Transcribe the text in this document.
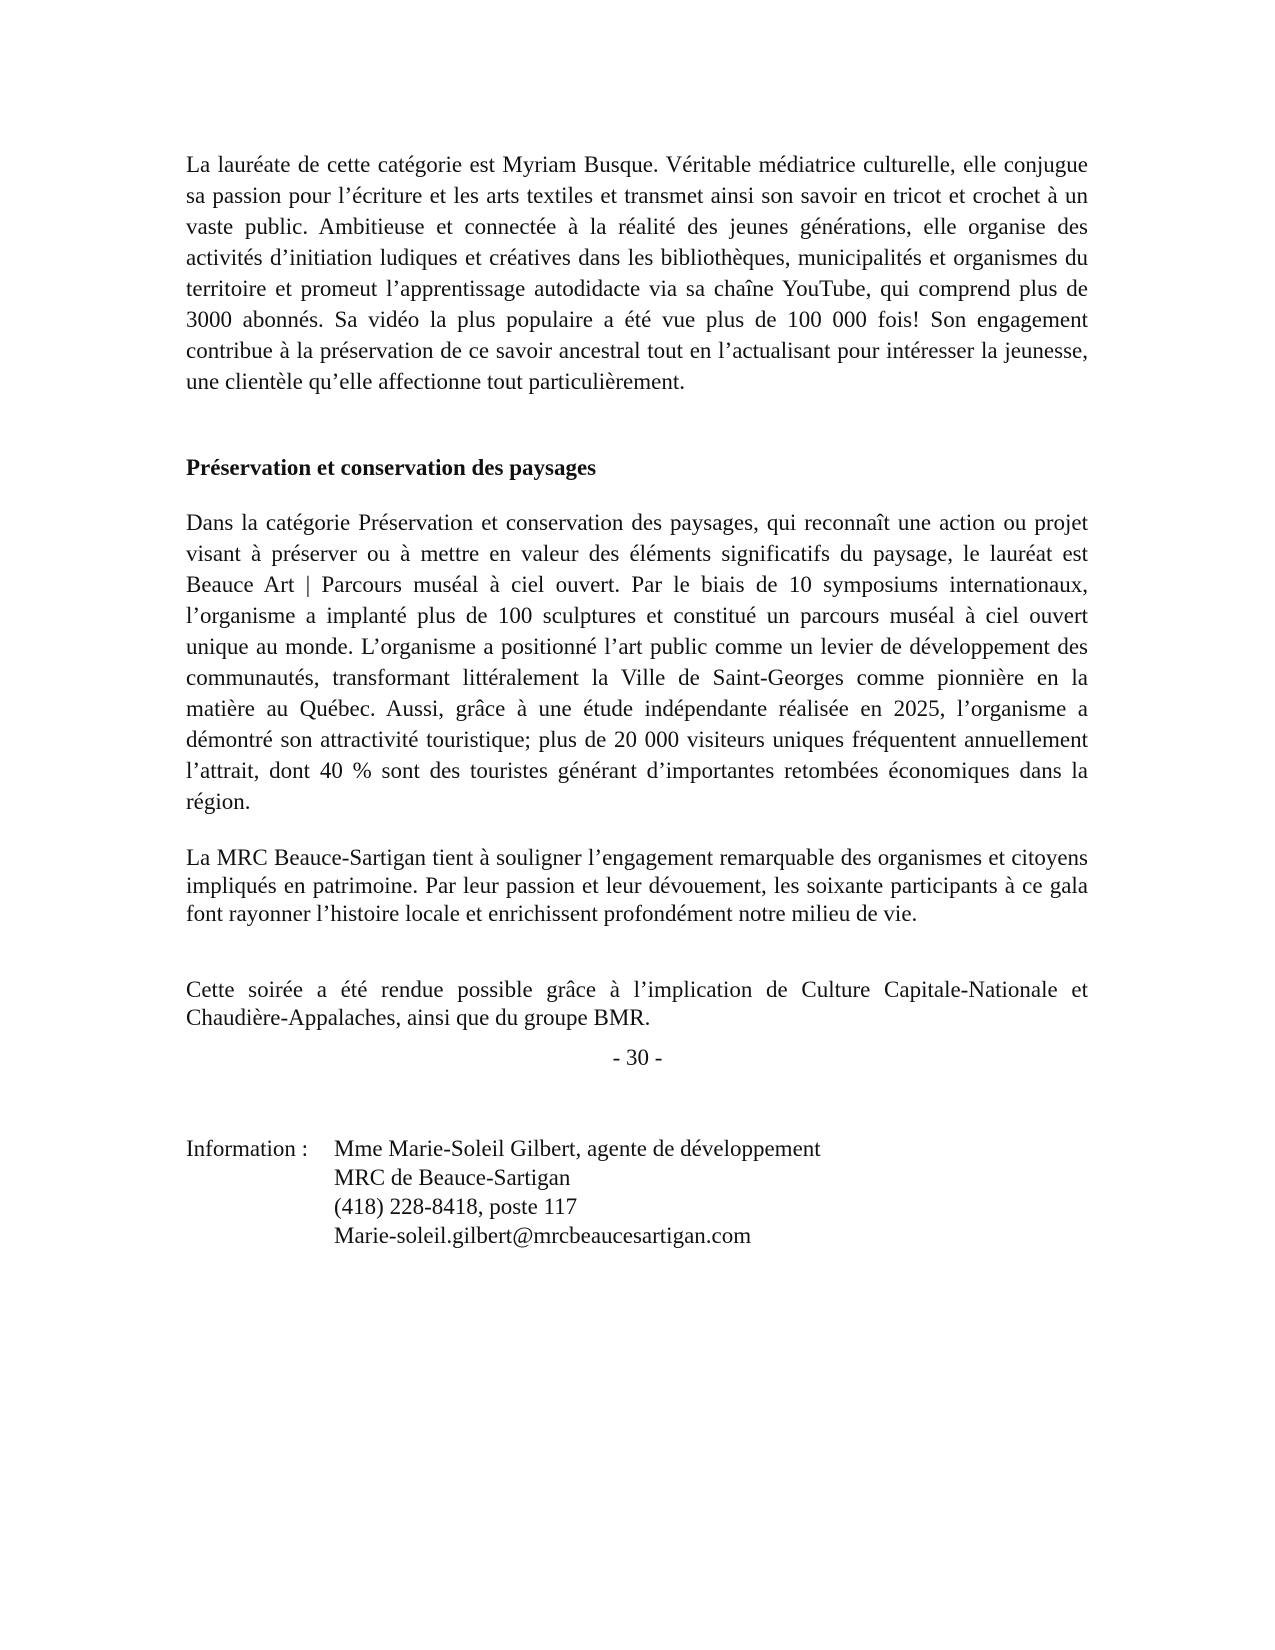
La lauréate de cette catégorie est Myriam Busque. Véritable médiatrice culturelle, elle conjugue sa passion pour l’écriture et les arts textiles et transmet ainsi son savoir en tricot et crochet à un vaste public. Ambitieuse et connectée à la réalité des jeunes générations, elle organise des activités d’initiation ludiques et créatives dans les bibliothèques, municipalités et organismes du territoire et promeut l’apprentissage autodidacte via sa chaîne YouTube, qui comprend plus de 3000 abonnés. Sa vidéo la plus populaire a été vue plus de 100 000 fois! Son engagement contribue à la préservation de ce savoir ancestral tout en l’actualisant pour intéresser la jeunesse, une clientèle qu’elle affectionne tout particulièrement.

Préservation et conservation des paysages

Dans la catégorie Préservation et conservation des paysages, qui reconnaît une action ou projet visant à préserver ou à mettre en valeur des éléments significatifs du paysage, le lauréat est Beauce Art | Parcours muséal à ciel ouvert. Par le biais de 10 symposiums internationaux, l’organisme a implanté plus de 100 sculptures et constitué un parcours muséal à ciel ouvert unique au monde. L’organisme a positionné l’art public comme un levier de développement des communautés, transformant littéralement la Ville de Saint-Georges comme pionnière en la matière au Québec. Aussi, grâce à une étude indépendante réalisée en 2025, l’organisme a démontré son attractivité touristique; plus de 20 000 visiteurs uniques fréquentent annuellement l’attrait, dont 40 % sont des touristes générant d’importantes retombées économiques dans la région.

La MRC Beauce-Sartigan tient à souligner l’engagement remarquable des organismes et citoyens impliqués en patrimoine. Par leur passion et leur dévouement, les soixante participants à ce gala font rayonner l’histoire locale et enrichissent profondément notre milieu de vie.

Cette soirée a été rendue possible grâce à l’implication de Culture Capitale-Nationale et Chaudière-Appalaches, ainsi que du groupe BMR.

- 30 -

Information : Mme Marie-Soleil Gilbert, agente de développement
MRC de Beauce-Sartigan
(418) 228-8418, poste 117
Marie-soleil.gilbert@mrcbeaucesartigan.com
